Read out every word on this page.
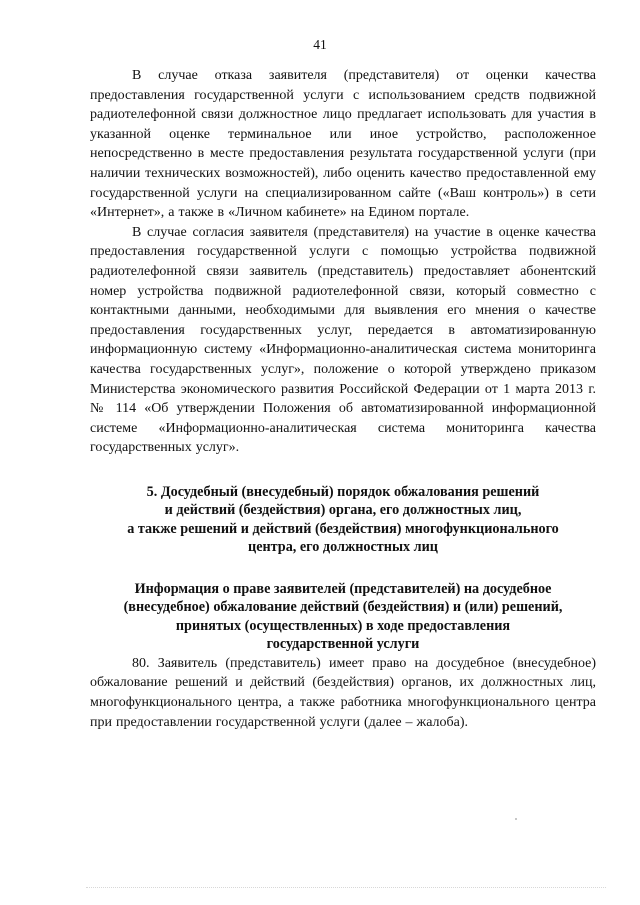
41

В случае отказа заявителя (представителя) от оценки качества предоставления государственной услуги с использованием средств подвижной радиотелефонной связи должностное лицо предлагает использовать для участия в указанной оценке терминальное или иное устройство, расположенное непосредственно в месте предоставления результата государственной услуги (при наличии технических возможностей), либо оценить качество предоставленной ему государственной услуги на специализированном сайте («Ваш контроль») в сети «Интернет», а также в «Личном кабинете» на Едином портале.

В случае согласия заявителя (представителя) на участие в оценке качества предоставления государственной услуги с помощью устройства подвижной радиотелефонной связи заявитель (представитель) предоставляет абонентский номер устройства подвижной радиотелефонной связи, который совместно с контактными данными, необходимыми для выявления его мнения о качестве предоставления государственных услуг, передается в автоматизированную информационную систему «Информационно-аналитическая система мониторинга качества государственных услуг», положение о которой утверждено приказом Министерства экономического развития Российской Федерации от 1 марта 2013 г. № 114 «Об утверждении Положения об автоматизированной информационной системе «Информационно-аналитическая система мониторинга качества государственных услуг».

5. Досудебный (внесудебный) порядок обжалования решений
и действий (бездействия) органа, его должностных лиц,
а также решений и действий (бездействия) многофункционального
центра, его должностных лиц
Информация о праве заявителей (представителей) на досудебное
(внесудебное) обжалование действий (бездействия) и (или) решений,
принятых (осуществленных) в ходе предоставления
государственной услуги

80. Заявитель (представитель) имеет право на досудебное (внесудебное) обжалование решений и действий (бездействия) органов, их должностных лиц, многофункционального центра, а также работника многофункционального центра при предоставлении государственной услуги (далее – жалоба).
